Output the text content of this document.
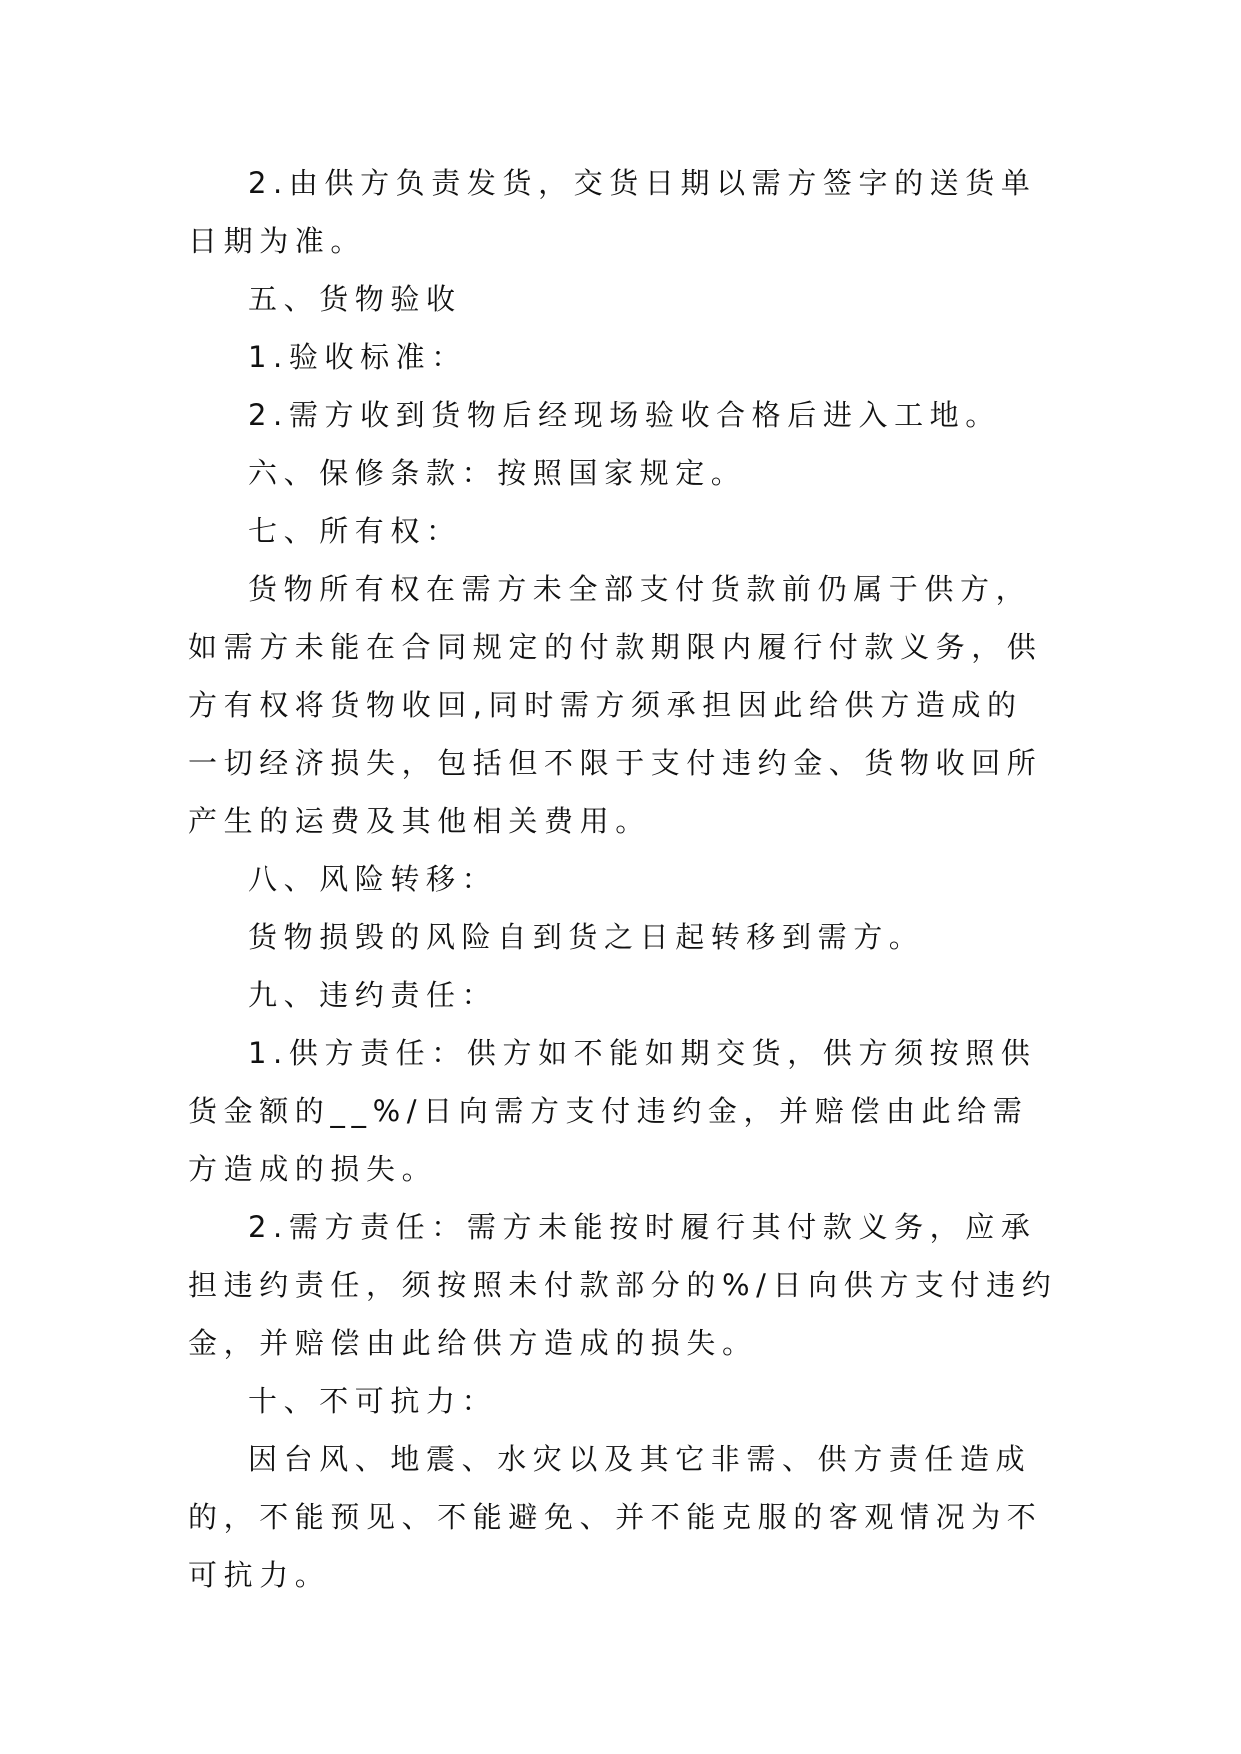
2.由供方负责发货，交货日期以需方签字的送货单日期为准。

五、货物验收

1.验收标准：

2.需方收到货物后经现场验收合格后进入工地。

六、保修条款：按照国家规定。

七、所有权：

货物所有权在需方未全部支付货款前仍属于供方，如需方未能在合同规定的付款期限内履行付款义务，供方有权将货物收回,同时需方须承担因此给供方造成的一切经济损失，包括但不限于支付违约金、货物收回所产生的运费及其他相关费用。

八、风险转移：

货物损毁的风险自到货之日起转移到需方。

九、违约责任：

1.供方责任：供方如不能如期交货，供方须按照供货金额的__%/日向需方支付违约金，并赔偿由此给需方造成的损失。

2.需方责任：需方未能按时履行其付款义务，应承担违约责任，须按照未付款部分的%/日向供方支付违约金，并赔偿由此给供方造成的损失。

十、不可抗力：

因台风、地震、水灾以及其它非需、供方责任造成的，不能预见、不能避免、并不能克服的客观情况为不可抗力。
